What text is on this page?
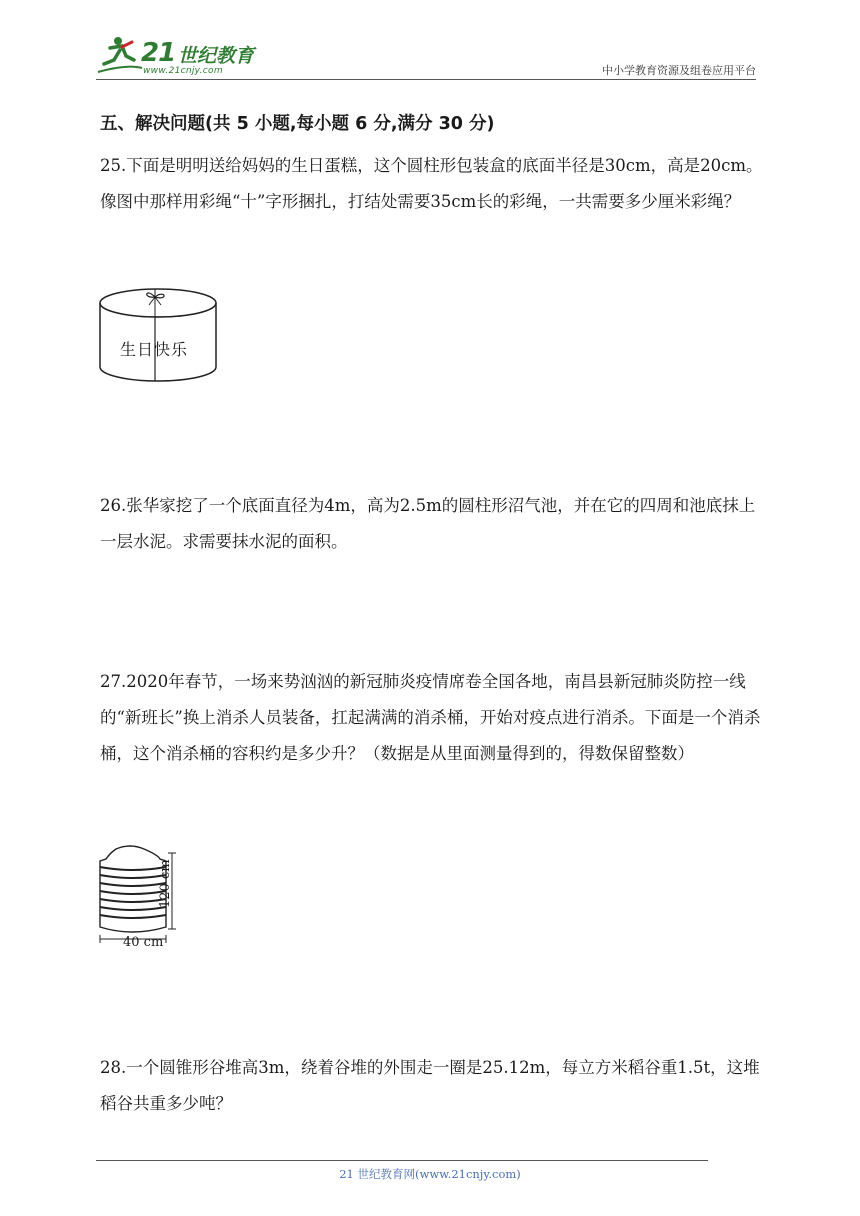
21 世纪教育
www.21cnjy.com	中小学教育资源及组卷应用平台
五、解决问题(共 5 小题,每小题 6 分,满分 30 分)
25.下面是明明送给妈妈的生日蛋糕，这个圆柱形包装盒的底面半径是30cm，高是20cm。像图中那样用彩绳“十”字形捆扎，打结处需要35cm长的彩绳，一共需要多少厘米彩绳？
生日快乐
26.张华家挖了一个底面直径为4m，高为2.5m的圆柱形沼气池，并在它的四周和池底抹上一层水泥。求需要抹水泥的面积。
27.2020年春节，一场来势汹汹的新冠肺炎疫情席卷全国各地，南昌县新冠肺炎防控一线的“新班长”换上消杀人员装备，扛起满满的消杀桶，开始对疫点进行消杀。下面是一个消杀桶，这个消杀桶的容积约是多少升？（数据是从里面测量得到的，得数保留整数）
120 cm
40 cm
28.一个圆锥形谷堆高3m，绕着谷堆的外围走一圈是25.12m，每立方米稻谷重1.5t，这堆稻谷共重多少吨？
21 世纪教育网(www.21cnjy.com)
